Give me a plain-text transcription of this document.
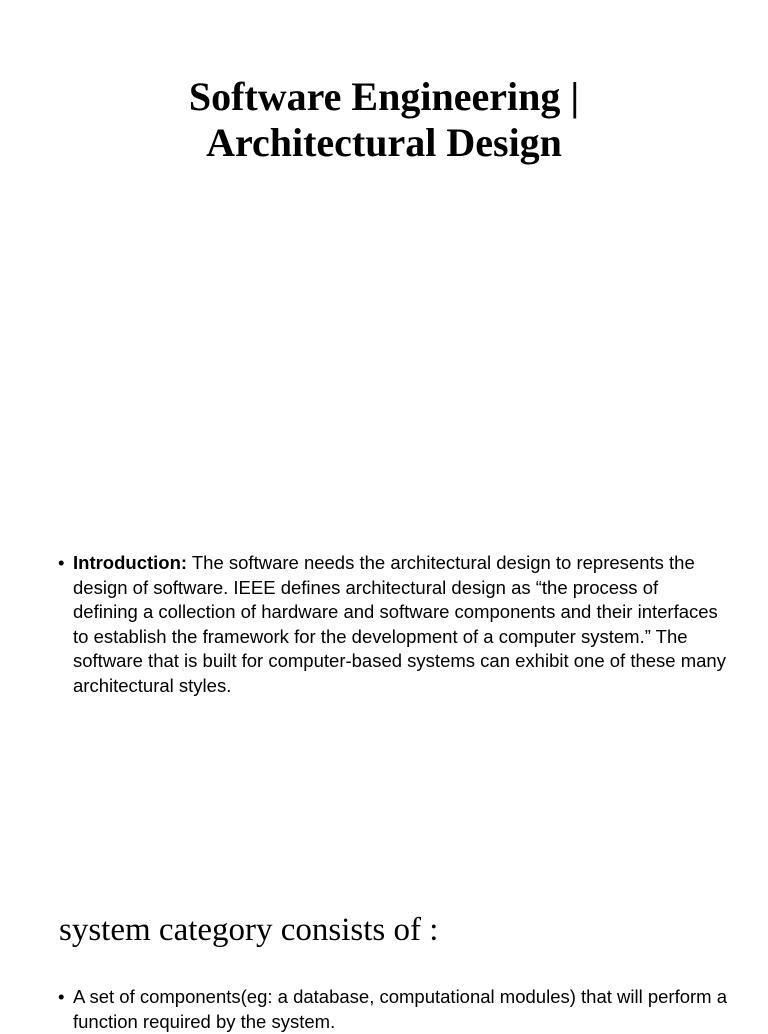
Software Engineering |
Architectural Design
• Introduction: The software needs the architectural design to represents the design of software. IEEE defines architectural design as “the process of defining a collection of hardware and software components and their interfaces to establish the framework for the development of a computer system.” The software that is built for computer-based systems can exhibit one of these many architectural styles.
system category consists of :
• A set of components(eg: a database, computational modules) that will perform a function required by the system.
